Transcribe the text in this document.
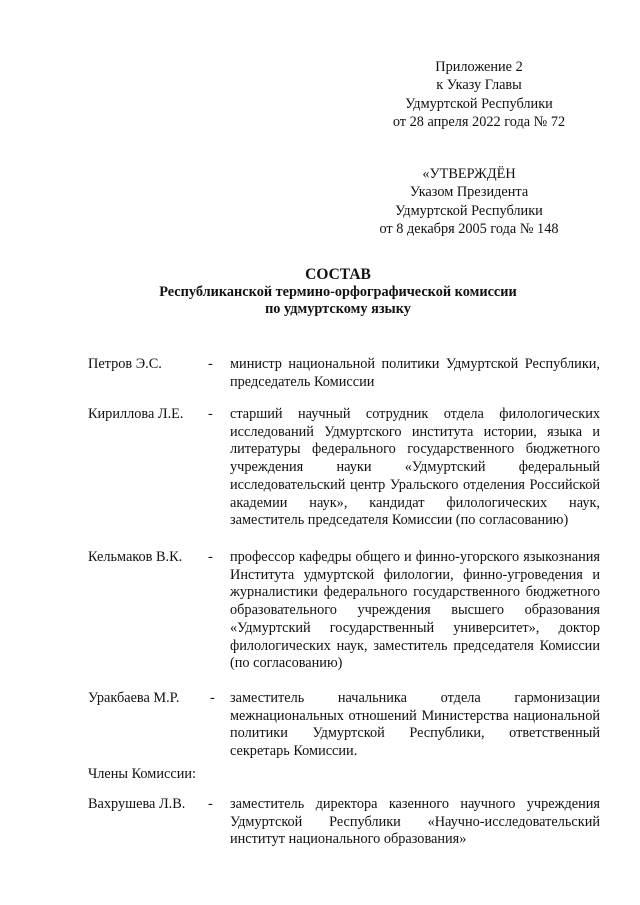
Приложение 2
к Указу Главы
Удмуртской Республики
от 28 апреля 2022 года № 72
«УТВЕРЖДЁН
Указом Президента
Удмуртской Республики
от 8 декабря 2005 года № 148
СОСТАВ
Республиканской термино-орфографической комиссии
по удмуртскому языку
Петров Э.С.	- министр национальной политики Удмуртской Республики, председатель Комиссии
Кириллова Л.Е. - старший научный сотрудник отдела филологических исследований Удмуртского института истории, языка и литературы федерального государственного бюджетного учреждения науки «Удмуртский федеральный исследовательский центр Уральского отделения Российской академии наук», кандидат филологических наук, заместитель председателя Комиссии (по согласованию)
Кельмаков В.К. - профессор кафедры общего и финно-угорского языкознания Института удмуртской филологии, финно-угроведения и журналистики федерального государственного бюджетного образовательного учреждения высшего образования «Удмуртский государственный университет», доктор филологических наук, заместитель председателя Комиссии (по согласованию)
Уракбаева М.Р. - заместитель начальника отдела гармонизации межнациональных отношений Министерства национальной политики Удмуртской Республики, ответственный секретарь Комиссии.
Члены Комиссии:
Вахрушева Л.В. - заместитель директора казенного научного учреждения Удмуртской Республики «Научно-исследовательский институт национального образования»
